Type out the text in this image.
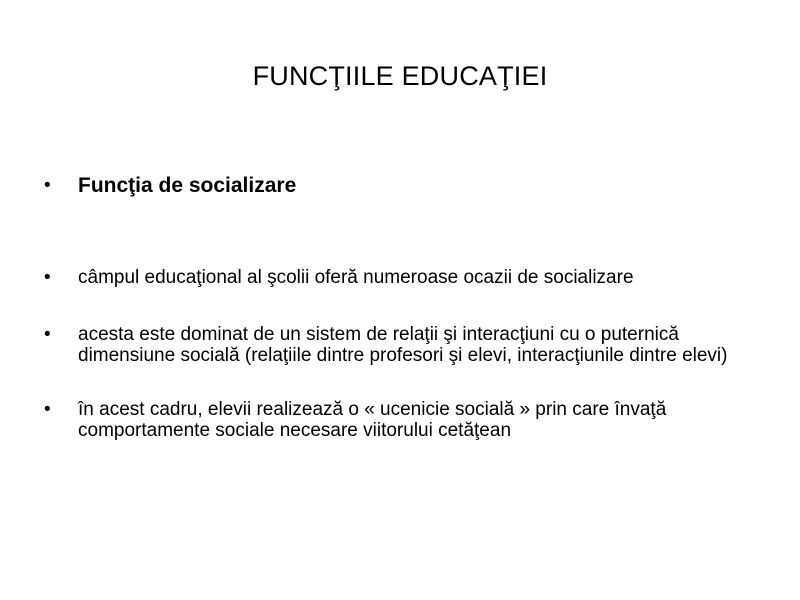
FUNCŢIILE EDUCAŢIEI
•	Funcţia de socializare
•	câmpul educaţional al şcolii oferă numeroase ocazii de socializare
•	acesta este dominat de un sistem de relaţii şi interacţiuni cu o puternică dimensiune socială (relaţiile dintre profesori şi elevi, interacţiunile dintre elevi)
•	în acest cadru, elevii realizează o « ucenicie socială » prin care învaţă comportamente sociale necesare viitorului cetăţean
